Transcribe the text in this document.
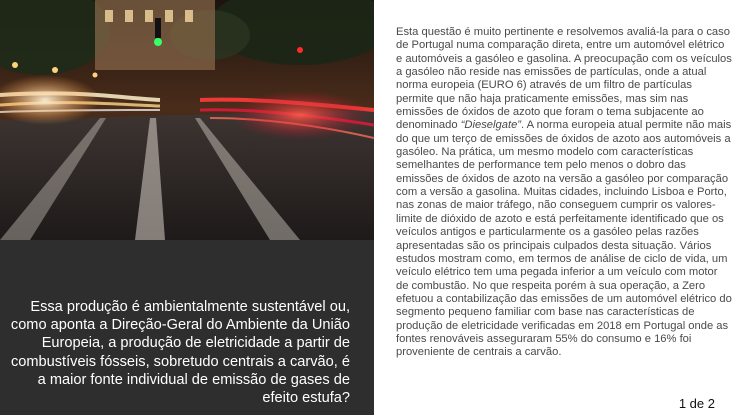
Essa produção é ambientalmente sustentável ou, como aponta a Direção-Geral do Ambiente da União Europeia, a produção de eletricidade a partir de combustíveis fósseis, sobretudo centrais a carvão, é a maior fonte individual de emissão de gases de efeito estufa?

Esta questão é muito pertinente e resolvemos avaliá-la para o caso de Portugal numa comparação direta, entre um automóvel elétrico e automóveis a gasóleo e gasolina. A preocupação com os veículos a gasóleo não reside nas emissões de partículas, onde a atual norma europeia (EURO 6) através de um filtro de partículas permite que não haja praticamente emissões, mas sim nas emissões de óxidos de azoto que foram o tema subjacente ao denominado “Dieselgate”. A norma europeia atual permite não mais do que um terço de emissões de óxidos de azoto aos automóveis a gasóleo. Na prática, um mesmo modelo com características semelhantes de performance tem pelo menos o dobro das emissões de óxidos de azoto na versão a gasóleo por comparação com a versão a gasolina. Muitas cidades, incluindo Lisboa e Porto, nas zonas de maior tráfego, não conseguem cumprir os valores-limite de dióxido de azoto e está perfeitamente identificado que os veículos antigos e particularmente os a gasóleo pelas razões apresentadas são os principais culpados desta situação. Vários estudos mostram como, em termos de análise de ciclo de vida, um veículo elétrico tem uma pegada inferior a um veículo com motor de combustão. No que respeita porém à sua operação, a Zero efetuou a contabilização das emissões de um automóvel elétrico do segmento pequeno familiar com base nas características de produção de eletricidade verificadas em 2018 em Portugal onde as fontes renováveis asseguraram 55% do consumo e 16% foi proveniente de centrais a carvão.

1 de 2
